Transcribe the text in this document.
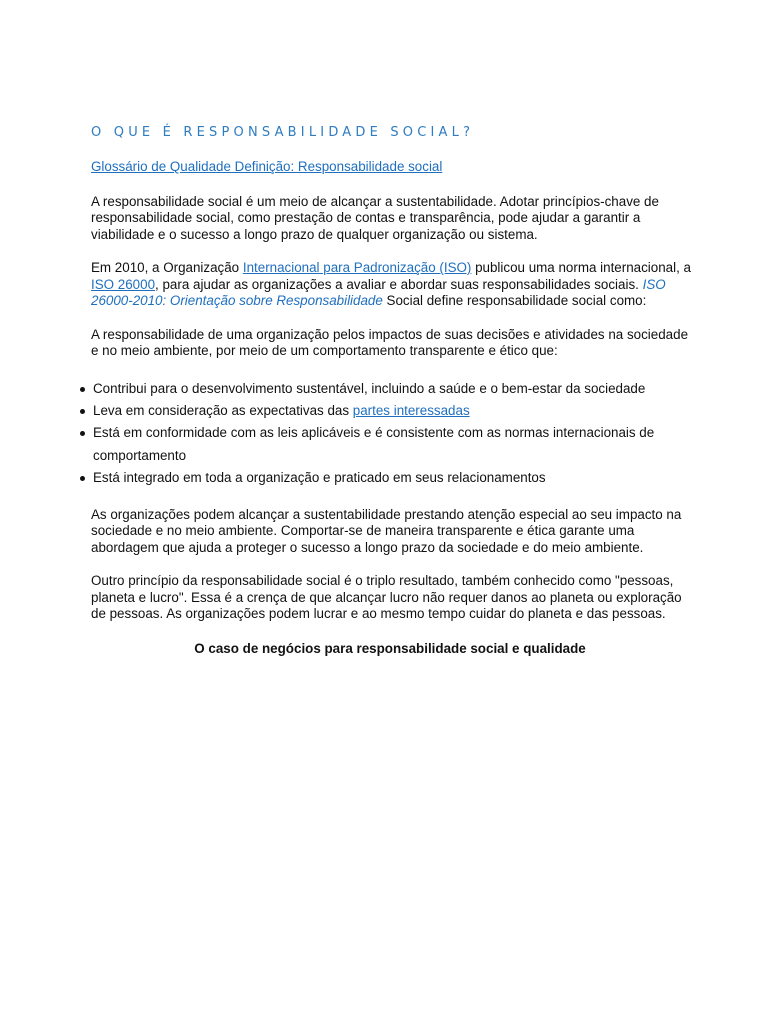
O QUE É RESPONSABILIDADE SOCIAL?

Glossário de Qualidade Definição: Responsabilidade social

A responsabilidade social é um meio de alcançar a sustentabilidade. Adotar princípios-chave de responsabilidade social, como prestação de contas e transparência, pode ajudar a garantir a viabilidade e o sucesso a longo prazo de qualquer organização ou sistema.

Em 2010, a Organização Internacional para Padronização (ISO) publicou uma norma internacional, a ISO 26000, para ajudar as organizações a avaliar e abordar suas responsabilidades sociais. ISO 26000-2010: Orientação sobre Responsabilidade Social define responsabilidade social como:

A responsabilidade de uma organização pelos impactos de suas decisões e atividades na sociedade e no meio ambiente, por meio de um comportamento transparente e ético que:

Contribui para o desenvolvimento sustentável, incluindo a saúde e o bem-estar da sociedade
Leva em consideração as expectativas das partes interessadas
Está em conformidade com as leis aplicáveis e é consistente com as normas internacionais de comportamento
Está integrado em toda a organização e praticado em seus relacionamentos

As organizações podem alcançar a sustentabilidade prestando atenção especial ao seu impacto na sociedade e no meio ambiente. Comportar-se de maneira transparente e ética garante uma abordagem que ajuda a proteger o sucesso a longo prazo da sociedade e do meio ambiente.

Outro princípio da responsabilidade social é o triplo resultado, também conhecido como "pessoas, planeta e lucro". Essa é a crença de que alcançar lucro não requer danos ao planeta ou exploração de pessoas. As organizações podem lucrar e ao mesmo tempo cuidar do planeta e das pessoas.

O caso de negócios para responsabilidade social e qualidade
